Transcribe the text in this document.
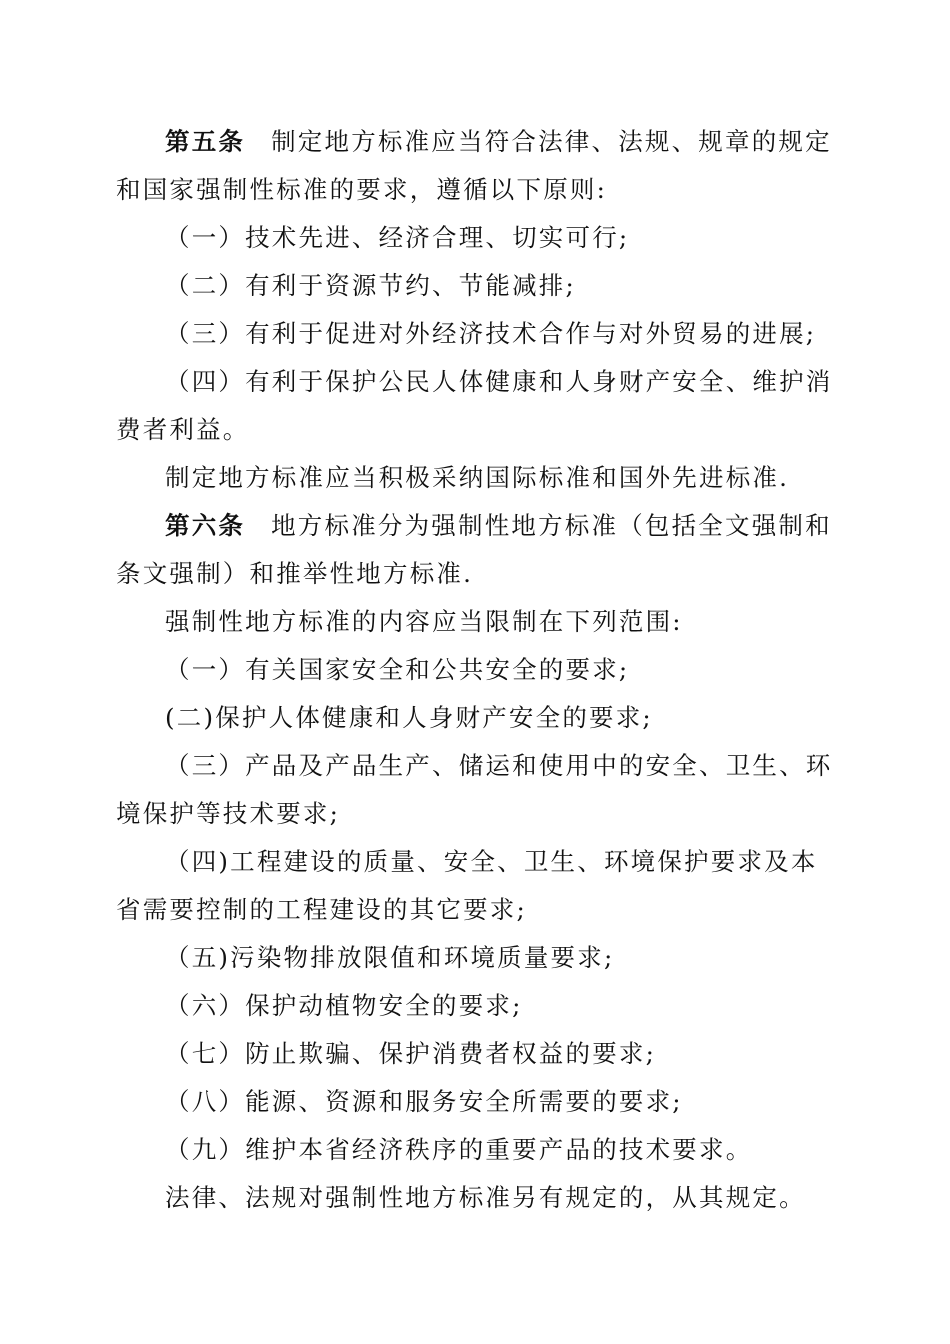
第五条 制定地方标准应当符合法律、法规、规章的规定和国家强制性标准的要求，遵循以下原则:

（一）技术先进、经济合理、切实可行;

（二）有利于资源节约、节能减排;

（三）有利于促进对外经济技术合作与对外贸易的进展;

（四）有利于保护公民人体健康和人身财产安全、维护消费者利益。

制定地方标准应当积极采纳国际标准和国外先进标准.

第六条 地方标准分为强制性地方标准（包括全文强制和条文强制）和推举性地方标准.

强制性地方标准的内容应当限制在下列范围:

（一）有关国家安全和公共安全的要求;

(二)保护人体健康和人身财产安全的要求;

（三）产品及产品生产、储运和使用中的安全、卫生、环境保护等技术要求;

（四)工程建设的质量、安全、卫生、环境保护要求及本省需要控制的工程建设的其它要求;

（五)污染物排放限值和环境质量要求;

（六）保护动植物安全的要求;

（七）防止欺骗、保护消费者权益的要求;

（八）能源、资源和服务安全所需要的要求;

（九）维护本省经济秩序的重要产品的技术要求。

法律、法规对强制性地方标准另有规定的，从其规定。
